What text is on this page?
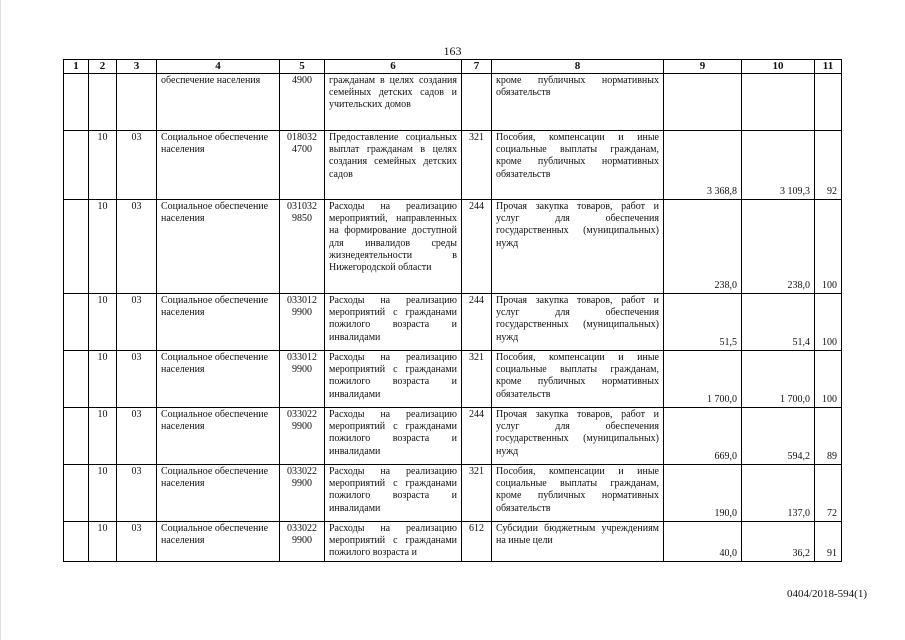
163
1	2	3	4	5	6	7	8	9	10	11
			обеспечение населения	4900	гражданам в целях создания семейных детских садов и учительских домов		кроме публичных нормативных обязательств			
	10	03	Социальное обеспечение населения	018032 4700	Предоставление социальных выплат гражданам в целях создания семейных детских садов	321	Пособия, компенсации и иные социальные выплаты гражданам, кроме публичных нормативных обязательств	3 368,8	3 109,3	92
	10	03	Социальное обеспечение населения	031032 9850	Расходы на реализацию мероприятий, направленных на формирование доступной для инвалидов среды жизнедеятельности в Нижегородской области	244	Прочая закупка товаров, работ и услуг для обеспечения государственных (муниципальных) нужд	238,0	238,0	100
	10	03	Социальное обеспечение населения	033012 9900	Расходы на реализацию мероприятий с гражданами пожилого возраста и инвалидами	244	Прочая закупка товаров, работ и услуг для обеспечения государственных (муниципальных) нужд	51,5	51,4	100
	10	03	Социальное обеспечение населения	033012 9900	Расходы на реализацию мероприятий с гражданами пожилого возраста и инвалидами	321	Пособия, компенсации и иные социальные выплаты гражданам, кроме публичных нормативных обязательств	1 700,0	1 700,0	100
	10	03	Социальное обеспечение населения	033022 9900	Расходы на реализацию мероприятий с гражданами пожилого возраста и инвалидами	244	Прочая закупка товаров, работ и услуг для обеспечения государственных (муниципальных) нужд	669,0	594,2	89
	10	03	Социальное обеспечение населения	033022 9900	Расходы на реализацию мероприятий с гражданами пожилого возраста и инвалидами	321	Пособия, компенсации и иные социальные выплаты гражданам, кроме публичных нормативных обязательств	190,0	137,0	72
	10	03	Социальное обеспечение населения	033022 9900	Расходы на реализацию мероприятий с гражданами пожилого возраста и	612	Субсидии бюджетным учреждениям на иные цели	40,0	36,2	91
0404/2018-594(1)
